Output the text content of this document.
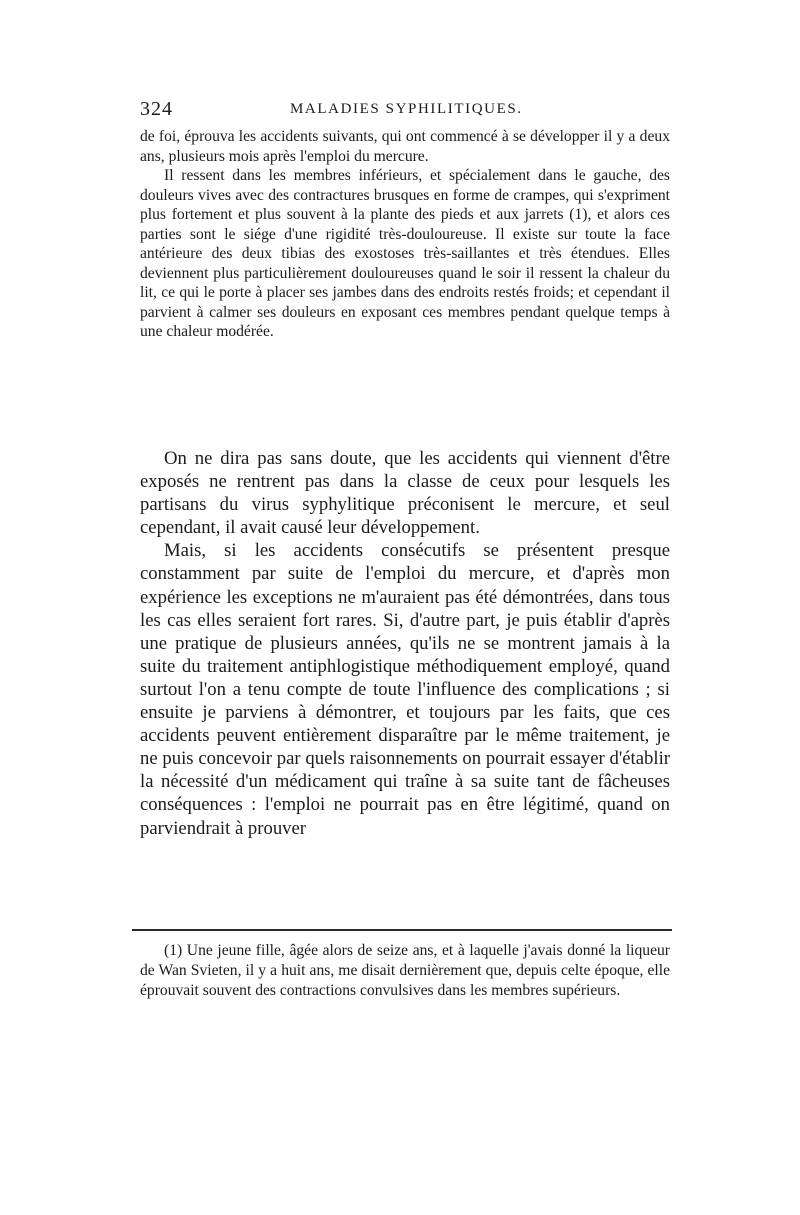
324	MALADIES SYPHILITIQUES.

de foi, éprouva les accidents suivants, qui ont commencé à se développer il y a deux ans, plusieurs mois après l'emploi du mercure.

Il ressent dans les membres inférieurs, et spécialement dans le gauche, des douleurs vives avec des contractures brusques en forme de crampes, qui s'expriment plus fortement et plus souvent à la plante des pieds et aux jarrets (1), et alors ces parties sont le siége d'une rigidité très-douloureuse. Il existe sur toute la face antérieure des deux tibias des exostoses très-saillantes et très étendues. Elles deviennent plus particulièrement douloureuses quand le soir il ressent la chaleur du lit, ce qui le porte à placer ses jambes dans des endroits restés froids; et cependant il parvient à calmer ses douleurs en exposant ces membres pendant quelque temps à une chaleur modérée.

On ne dira pas sans doute, que les accidents qui viennent d'être exposés ne rentrent pas dans la classe de ceux pour lesquels les partisans du virus syphylitique préconisent le mercure, et seul cependant, il avait causé leur développement.

Mais, si les accidents consécutifs se présentent presque constamment par suite de l'emploi du mercure, et d'après mon expérience les exceptions ne m'auraient pas été démontrées, dans tous les cas elles seraient fort rares. Si, d'autre part, je puis établir d'après une pratique de plusieurs années, qu'ils ne se montrent jamais à la suite du traitement antiphlogistique méthodiquement employé, quand surtout l'on a tenu compte de toute l'influence des complications ; si ensuite je parviens à démontrer, et toujours par les faits, que ces accidents peuvent entièrement disparaître par le même traitement, je ne puis concevoir par quels raisonnements on pourrait essayer d'établir la nécessité d'un médicament qui traîne à sa suite tant de fâcheuses conséquences : l'emploi ne pourrait pas en être légitimé, quand on parviendrait à prouver

(1) Une jeune fille, âgée alors de seize ans, et à laquelle j'avais donné la liqueur de Wan Svieten, il y a huit ans, me disait dernièrement que, depuis celte époque, elle éprouvait souvent des contractions convulsives dans les membres supérieurs.
